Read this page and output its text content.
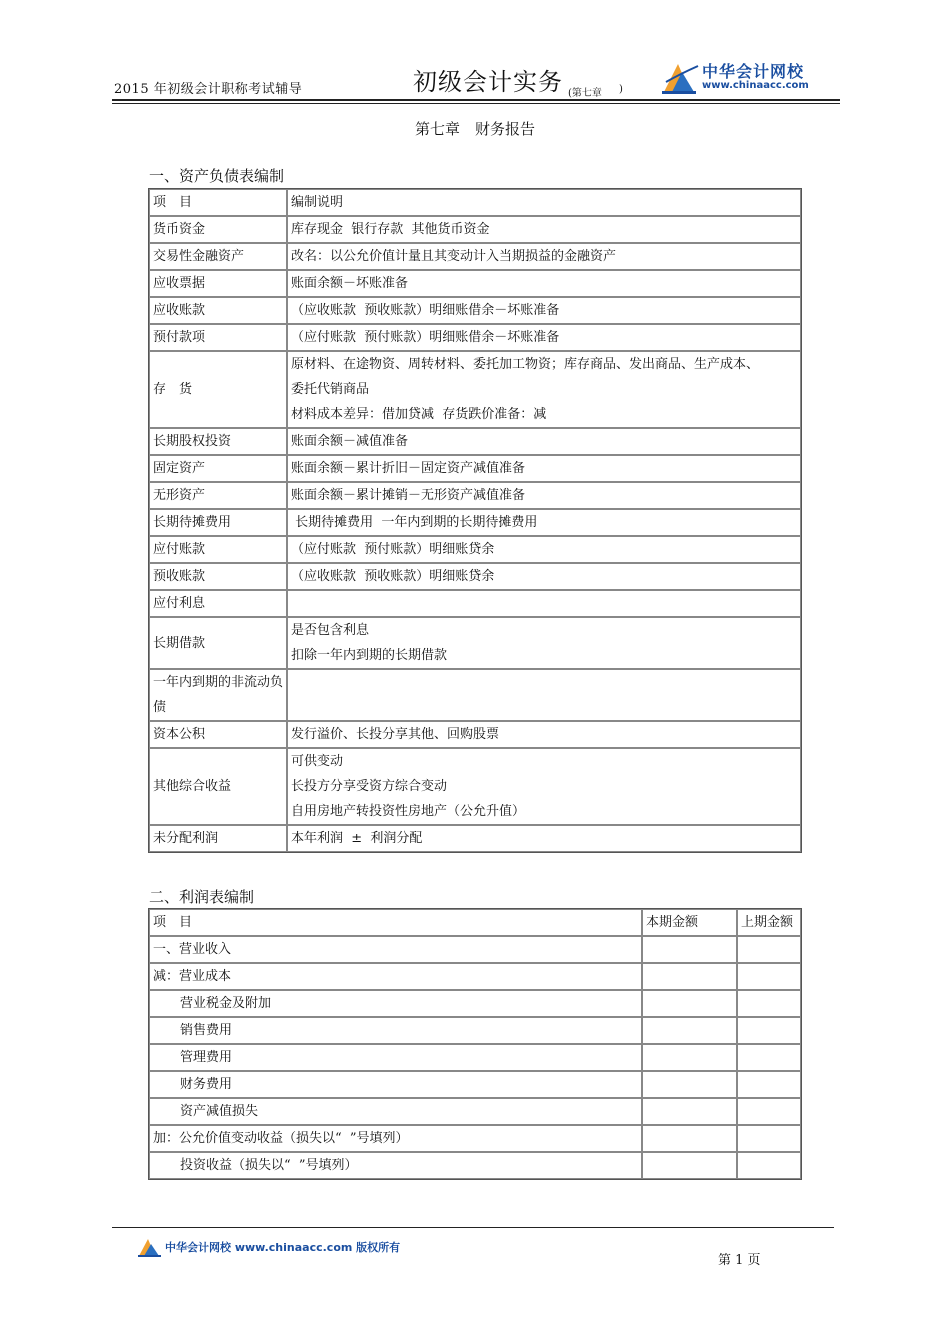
2015 年初级会计职称考试辅导	初级会计实务 (第七章 )
中华会计网校
www.chinaacc.com
第七章　财务报告
一、资产负债表编制
项　目	编制说明

货币资金	库存现金  银行存款  其他货币资金

交易性金融资产	改名：以公允价值计量且其变动计入当期损益的金融资产

应收票据	账面余额－坏账准备

应收账款	（应收账款  预收账款）明细账借余－坏账准备

预付款项	（应付账款  预付账款）明细账借余－坏账准备

存　货	原材料、在途物资、周转材料、委托加工物资；库存商品、发出商品、生产成本、
委托代销商品
材料成本差异：借加贷减  存货跌价准备：减

长期股权投资	账面余额－减值准备

固定资产	账面余额－累计折旧－固定资产减值准备

无形资产	账面余额－累计摊销－无形资产减值准备

长期待摊费用	长期待摊费用  一年内到期的长期待摊费用

应付账款	（应付账款  预付账款）明细账贷余

预收账款	（应收账款  预收账款）明细账贷余

应付利息	

长期借款	是否包含利息
扣除一年内到期的长期借款

一年内到期的非流动负债	

资本公积	发行溢价、长投分享其他、回购股票

其他综合收益	可供变动
长投方分享受资方综合变动
自用房地产转投资性房地产（公允升值）

未分配利润	本年利润  ±  利润分配
二、利润表编制
项　目	本期金额	上期金额
一、营业收入		
减：营业成本		
营业税金及附加		
销售费用		
管理费用		
财务费用		
资产减值损失		
加：公允价值变动收益（损失以“  ”号填列）		
投资收益（损失以“  ”号填列）		
中华会计网校 www.chinaacc.com 版权所有
第 1 页
